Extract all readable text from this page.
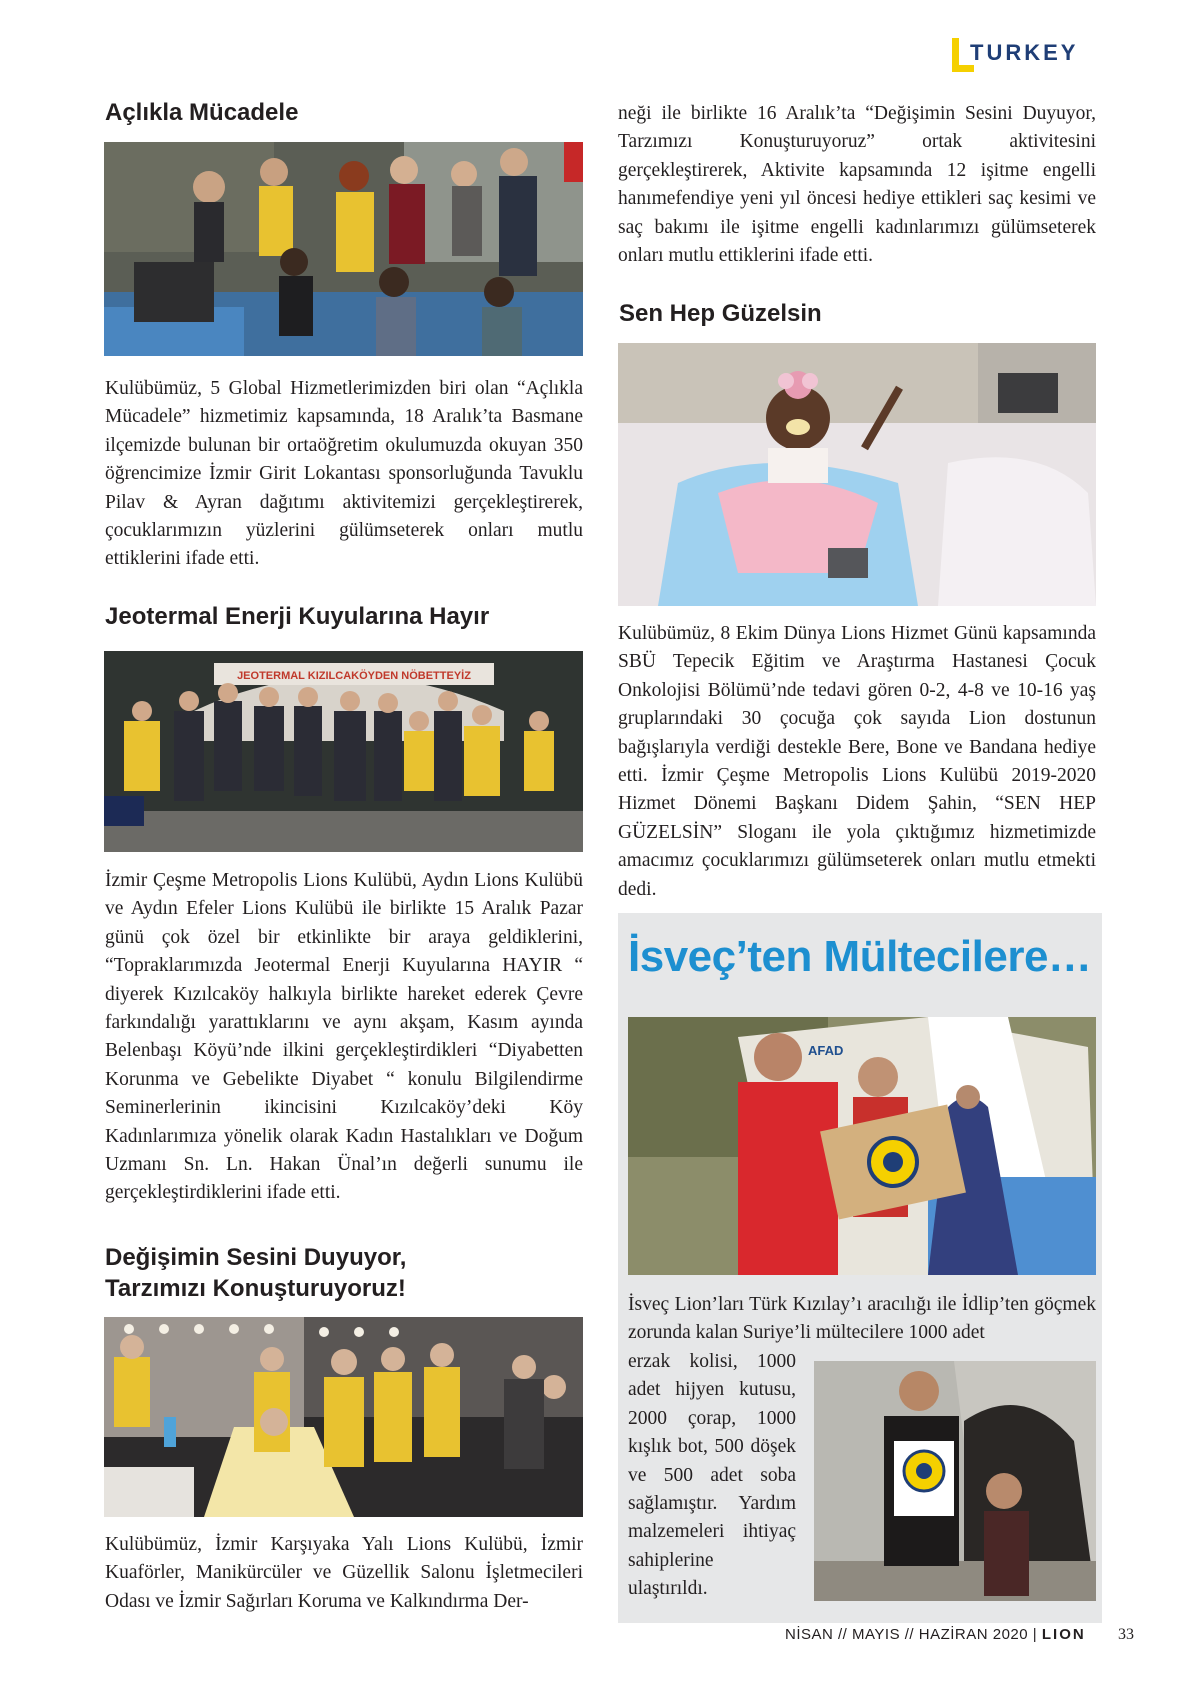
TURKEY
Açlıkla Mücadele
Kulübümüz, 5 Global Hizmetlerimizden biri olan “Açlıkla Mücadele” hizmetimiz kapsamında, 18 Aralık’ta Basmane ilçemizde bulunan bir ortaöğretim okulumuzda okuyan 350 öğrencimize İzmir Girit Lokantası sponsorluğunda Tavuklu Pilav & Ayran dağıtımı aktivitemizi gerçekleştirerek, çocuklarımızın yüzlerini gülümseterek onları mutlu ettiklerini ifade etti.
Jeotermal Enerji Kuyularına Hayır
JEOTERMAL KIZILCAKÖYDEN NÖBETTEYİZ
İzmir Çeşme Metropolis Lions Kulübü, Aydın Lions Kulübü ve Aydın Efeler Lions Kulübü ile birlikte 15 Aralık Pazar günü çok özel bir etkinlikte bir araya geldiklerini, “Topraklarımızda Jeotermal Enerji Kuyularına HAYIR “ diyerek Kızılcaköy halkıyla birlikte hareket ederek Çevre farkındalığı yarattıklarını ve aynı akşam, Kasım ayında Belenbaşı Köyü’nde ilkini gerçekleştirdikleri “Diyabetten Korunma ve Gebelikte Diyabet “ konulu Bilgilendirme Seminerlerinin ikincisini Kızılcaköy’deki Köy Kadınlarımıza yönelik olarak Kadın Hastalıkları ve Doğum Uzmanı Sn. Ln. Hakan Ünal’ın değerli sunumu ile gerçekleştirdiklerini ifade etti.
Değişimin Sesini Duyuyor,
Tarzımızı Konuşturuyoruz!
Kulübümüz, İzmir Karşıyaka Yalı Lions Kulübü, İzmir Kuaförler, Manikürcüler ve Güzellik Salonu İşletmecileri Odası ve İzmir Sağırları Koruma ve Kalkındırma Der-
neği ile birlikte 16 Aralık’ta “Değişimin Sesini Duyuyor, Tarzımızı Konuşturuyoruz” ortak aktivitesini gerçekleştirerek, Aktivite kapsamında 12 işitme engelli hanımefendiye yeni yıl öncesi hediye ettikleri saç kesimi ve saç bakımı ile işitme engelli kadınlarımızı gülümseterek onları mutlu ettiklerini ifade etti.
Sen Hep Güzelsin
Kulübümüz, 8 Ekim Dünya Lions Hizmet Günü kapsamında SBÜ Tepecik Eğitim ve Araştırma Hastanesi Çocuk Onkolojisi Bölümü’nde tedavi gören 0-2, 4-8 ve 10-16 yaş gruplarındaki 30 çocuğa çok sayıda Lion dostunun bağışlarıyla verdiği destekle Bere, Bone ve Bandana hediye etti. İzmir Çeşme Metropolis Lions Kulübü 2019-2020 Hizmet Dönemi Başkanı Didem Şahin, “SEN HEP GÜZELSİN” Sloganı ile yola çıktığımız hizmetimizde amacımız çocuklarımızı gülümseterek onları mutlu etmekti dedi.
İsveç’ten Mültecilere…
AFAD
İsveç Lion’ları Türk Kızılay’ı aracılığı ile İdlip’ten göçmek zorunda kalan Suriye’li mültecilere 1000 adet
erzak kolisi, 1000 adet hijyen kutusu, 2000 çorap, 1000 kışlık bot, 500 döşek ve 500 adet soba sağlamıştır. Yardım malzemeleri ihtiyaç sahiplerine ulaştırıldı.
NİSAN // MAYIS // HAZİRAN 2020 | LION 33
